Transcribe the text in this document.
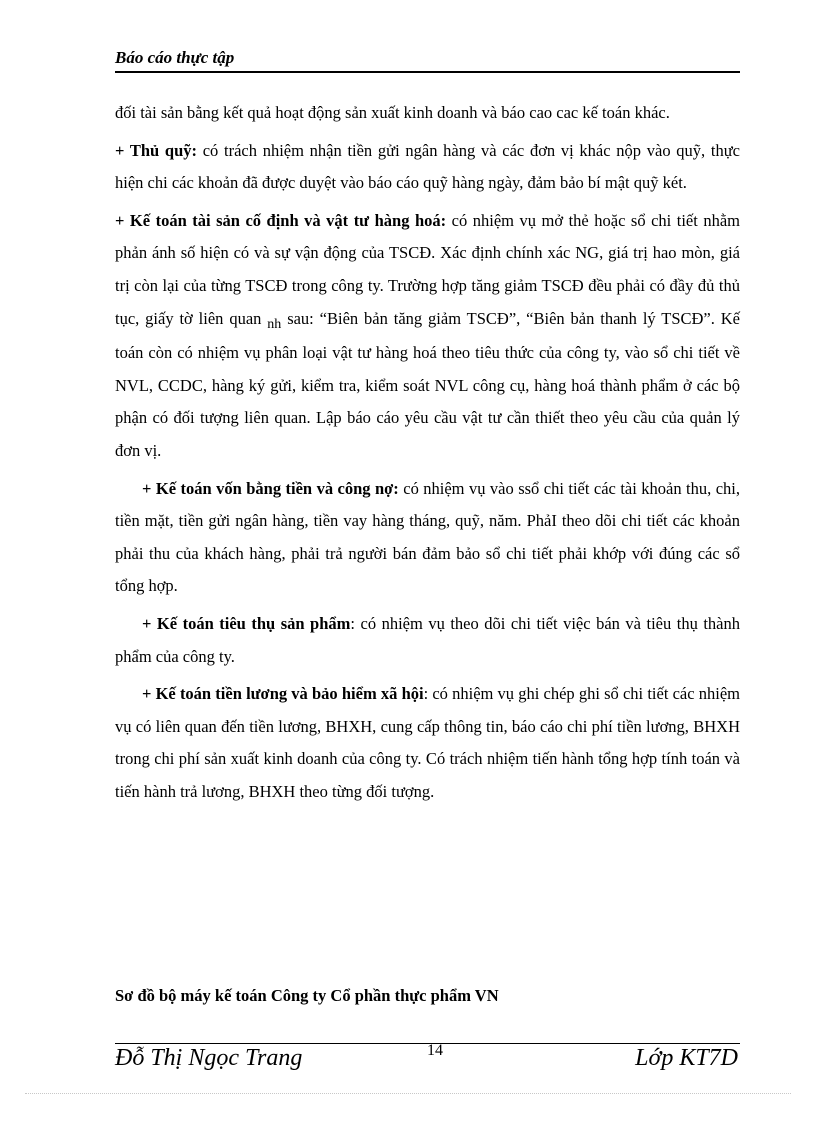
Báo cáo thực tập

đối tài sản bằng kết quả hoạt động sản xuất kinh doanh và báo cao cac kế toán khác.

+ Thủ quỹ: có trách nhiệm nhận tiền gửi ngân hàng và các đơn vị khác nộp vào quỹ, thực hiện chi các khoản đã được duyệt vào báo cáo quỹ hàng ngày, đảm bảo bí mật quỹ két.

+ Kế toán tài sản cố định và vật tư hàng hoá: có nhiệm vụ mở thẻ hoặc sổ chi tiết nhằm phản ánh số hiện có và sự vận động của TSCĐ. Xác định chính xác NG, giá trị hao mòn, giá trị còn lại của từng TSCĐ trong công ty. Trường hợp tăng giảm TSCĐ đều phải có đầy đủ thủ tục, giấy tờ liên quan $_{nh}$ sau: “Biên bản tăng giảm TSCĐ”, “Biên bản thanh lý TSCĐ”. Kế toán còn có nhiệm vụ phân loại vật tư hàng hoá theo tiêu thức của công ty, vào sổ chi tiết về NVL, CCDC, hàng ký gửi, kiểm tra, kiểm soát NVL công cụ, hàng hoá thành phẩm ở các bộ phận có đối tượng liên quan. Lập báo cáo yêu cầu vật tư cần thiết theo yêu cầu của quản lý đơn vị.

+ Kế toán vốn bằng tiền và công nợ: có nhiệm vụ vào ssổ chi tiết các tài khoản thu, chi, tiền mặt, tiền gửi ngân hàng, tiền vay hàng tháng, quỹ, năm. PhảI theo dõi chi tiết các khoản phải thu của khách hàng, phải trả người bán đảm bảo sổ chi tiết phải khớp với đúng các sổ tổng hợp.

+ Kế toán tiêu thụ sản phẩm: có nhiệm vụ theo dõi chi tiết việc bán và tiêu thụ thành phẩm của công ty.

+ Kế toán tiền lương và bảo hiểm xã hội: có nhiệm vụ ghi chép ghi sổ chi tiết các nhiệm vụ có liên quan đến tiền lương, BHXH, cung cấp thông tin, báo cáo chi phí tiền lương, BHXH trong chi phí sản xuất kinh doanh của công ty. Có trách nhiệm tiến hành tổng hợp tính toán và tiến hành trả lương, BHXH theo từng đối tượng.

Sơ đồ bộ máy kế toán Công ty Cổ phần thực phẩm VN
Đỗ Thị Ngọc Trang	14	Lớp KT7D
